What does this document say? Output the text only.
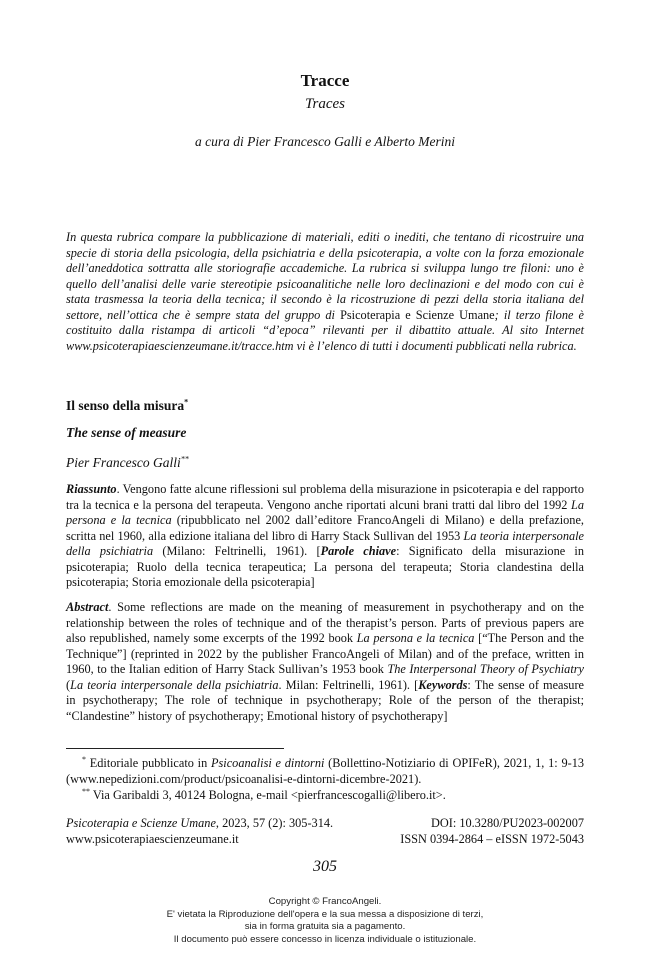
Tracce
Traces
a cura di Pier Francesco Galli e Alberto Merini
In questa rubrica compare la pubblicazione di materiali, editi o inediti, che tentano di ricostruire una specie di storia della psicologia, della psichiatria e della psicoterapia, a volte con la forza emozionale dell’aneddotica sottratta alle storiografie accademiche. La rubrica si sviluppa lungo tre filoni: uno è quello dell’analisi delle varie stereotipie psicoanalitiche nelle loro declinazioni e del modo con cui è stata trasmessa la teoria della tecnica; il secondo è la ricostruzione di pezzi della storia italiana del settore, nell’ottica che è sempre stata del gruppo di Psicoterapia e Scienze Umane; il terzo filone è costituito dalla ristampa di articoli “d’epoca” rilevanti per il dibattito attuale. Al sito Internet www.psicoterapiaescienzeumane.it/tracce.htm vi è l’elenco di tutti i documenti pubblicati nella rubrica.
Il senso della misura*
The sense of measure
Pier Francesco Galli**
Riassunto. Vengono fatte alcune riflessioni sul problema della misurazione in psicoterapia e del rapporto tra la tecnica e la persona del terapeuta. Vengono anche riportati alcuni brani tratti dal libro del 1992 La persona e la tecnica (ripubblicato nel 2002 dall’editore FrancoAngeli di Milano) e della prefazione, scritta nel 1960, alla edizione italiana del libro di Harry Stack Sullivan del 1953 La teoria interpersonale della psichiatria (Milano: Feltrinelli, 1961). [Parole chiave: Significato della misurazione in psicoterapia; Ruolo della tecnica terapeutica; La persona del terapeuta; Storia clandestina della psicoterapia; Storia emozionale della psicoterapia]
Abstract. Some reflections are made on the meaning of measurement in psychotherapy and on the relationship between the roles of technique and of the therapist’s person. Parts of previous papers are also republished, namely some excerpts of the 1992 book La persona e la tecnica [“The Person and the Technique”] (reprinted in 2022 by the publisher FrancoAngeli of Milan) and of the preface, written in 1960, to the Italian edition of Harry Stack Sullivan’s 1953 book The Interpersonal Theory of Psychiatry (La teoria interpersonale della psichiatria. Milan: Feltrinelli, 1961). [Keywords: The sense of measure in psychotherapy; The role of technique in psychotherapy; Role of the person of the therapist; “Clandestine” history of psychotherapy; Emotional history of psychotherapy]
* Editoriale pubblicato in Psicoanalisi e dintorni (Bollettino-Notiziario di OPIFeR), 2021, 1, 1: 9-13 (www.nepedizioni.com/product/psicoanalisi-e-dintorni-dicembre-2021).
** Via Garibaldi 3, 40124 Bologna, e-mail <pierfrancescogalli@libero.it>.
Psicoterapia e Scienze Umane, 2023, 57 (2): 305-314.	DOI: 10.3280/PU2023-002007
www.psicoterapiaescienzeumane.it	ISSN 0394-2864 – eISSN 1972-5043
305
Copyright © FrancoAngeli.
E' vietata la Riproduzione dell'opera e la sua messa a disposizione di terzi,
sia in forma gratuita sia a pagamento.
Il documento può essere concesso in licenza individuale o istituzionale.
